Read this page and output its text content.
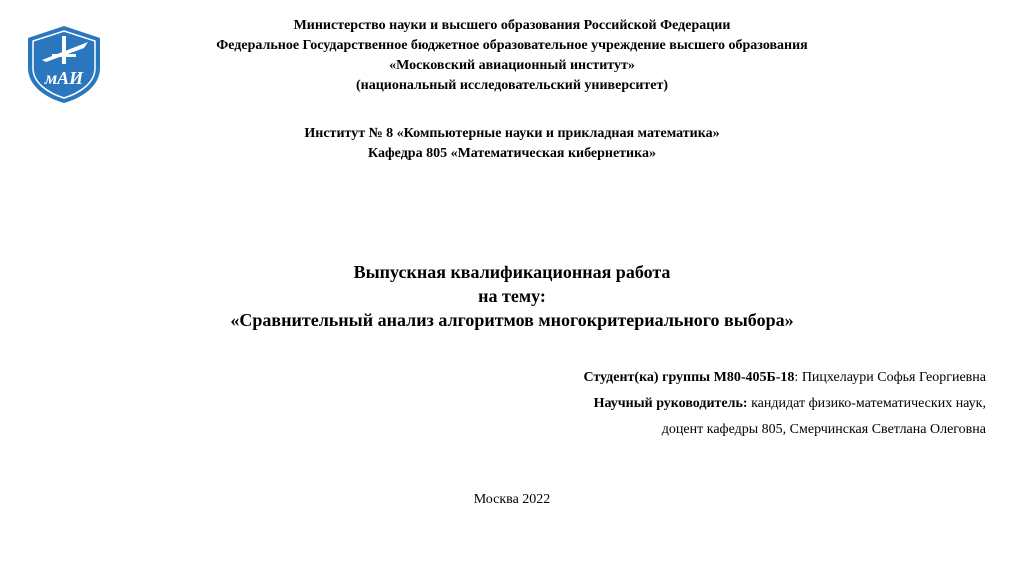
мАИ
Министерство науки и высшего образования Российской Федерации
Федеральное Государственное бюджетное образовательное учреждение высшего образования
«Московский авиационный институт»
(национальный исследовательский университет)
Институт № 8 «Компьютерные науки и прикладная математика»
Кафедра 805 «Математическая кибернетика»
Выпускная квалификационная работа
на тему:
«Сравнительный анализ алгоритмов многокритериального выбора»
Студент(ка) группы М80-405Б-18: Пицхелаури Софья Георгиевна
Научный руководитель: кандидат физико-математических наук,
доцент кафедры 805, Смерчинская Светлана Олеговна
Москва 2022
